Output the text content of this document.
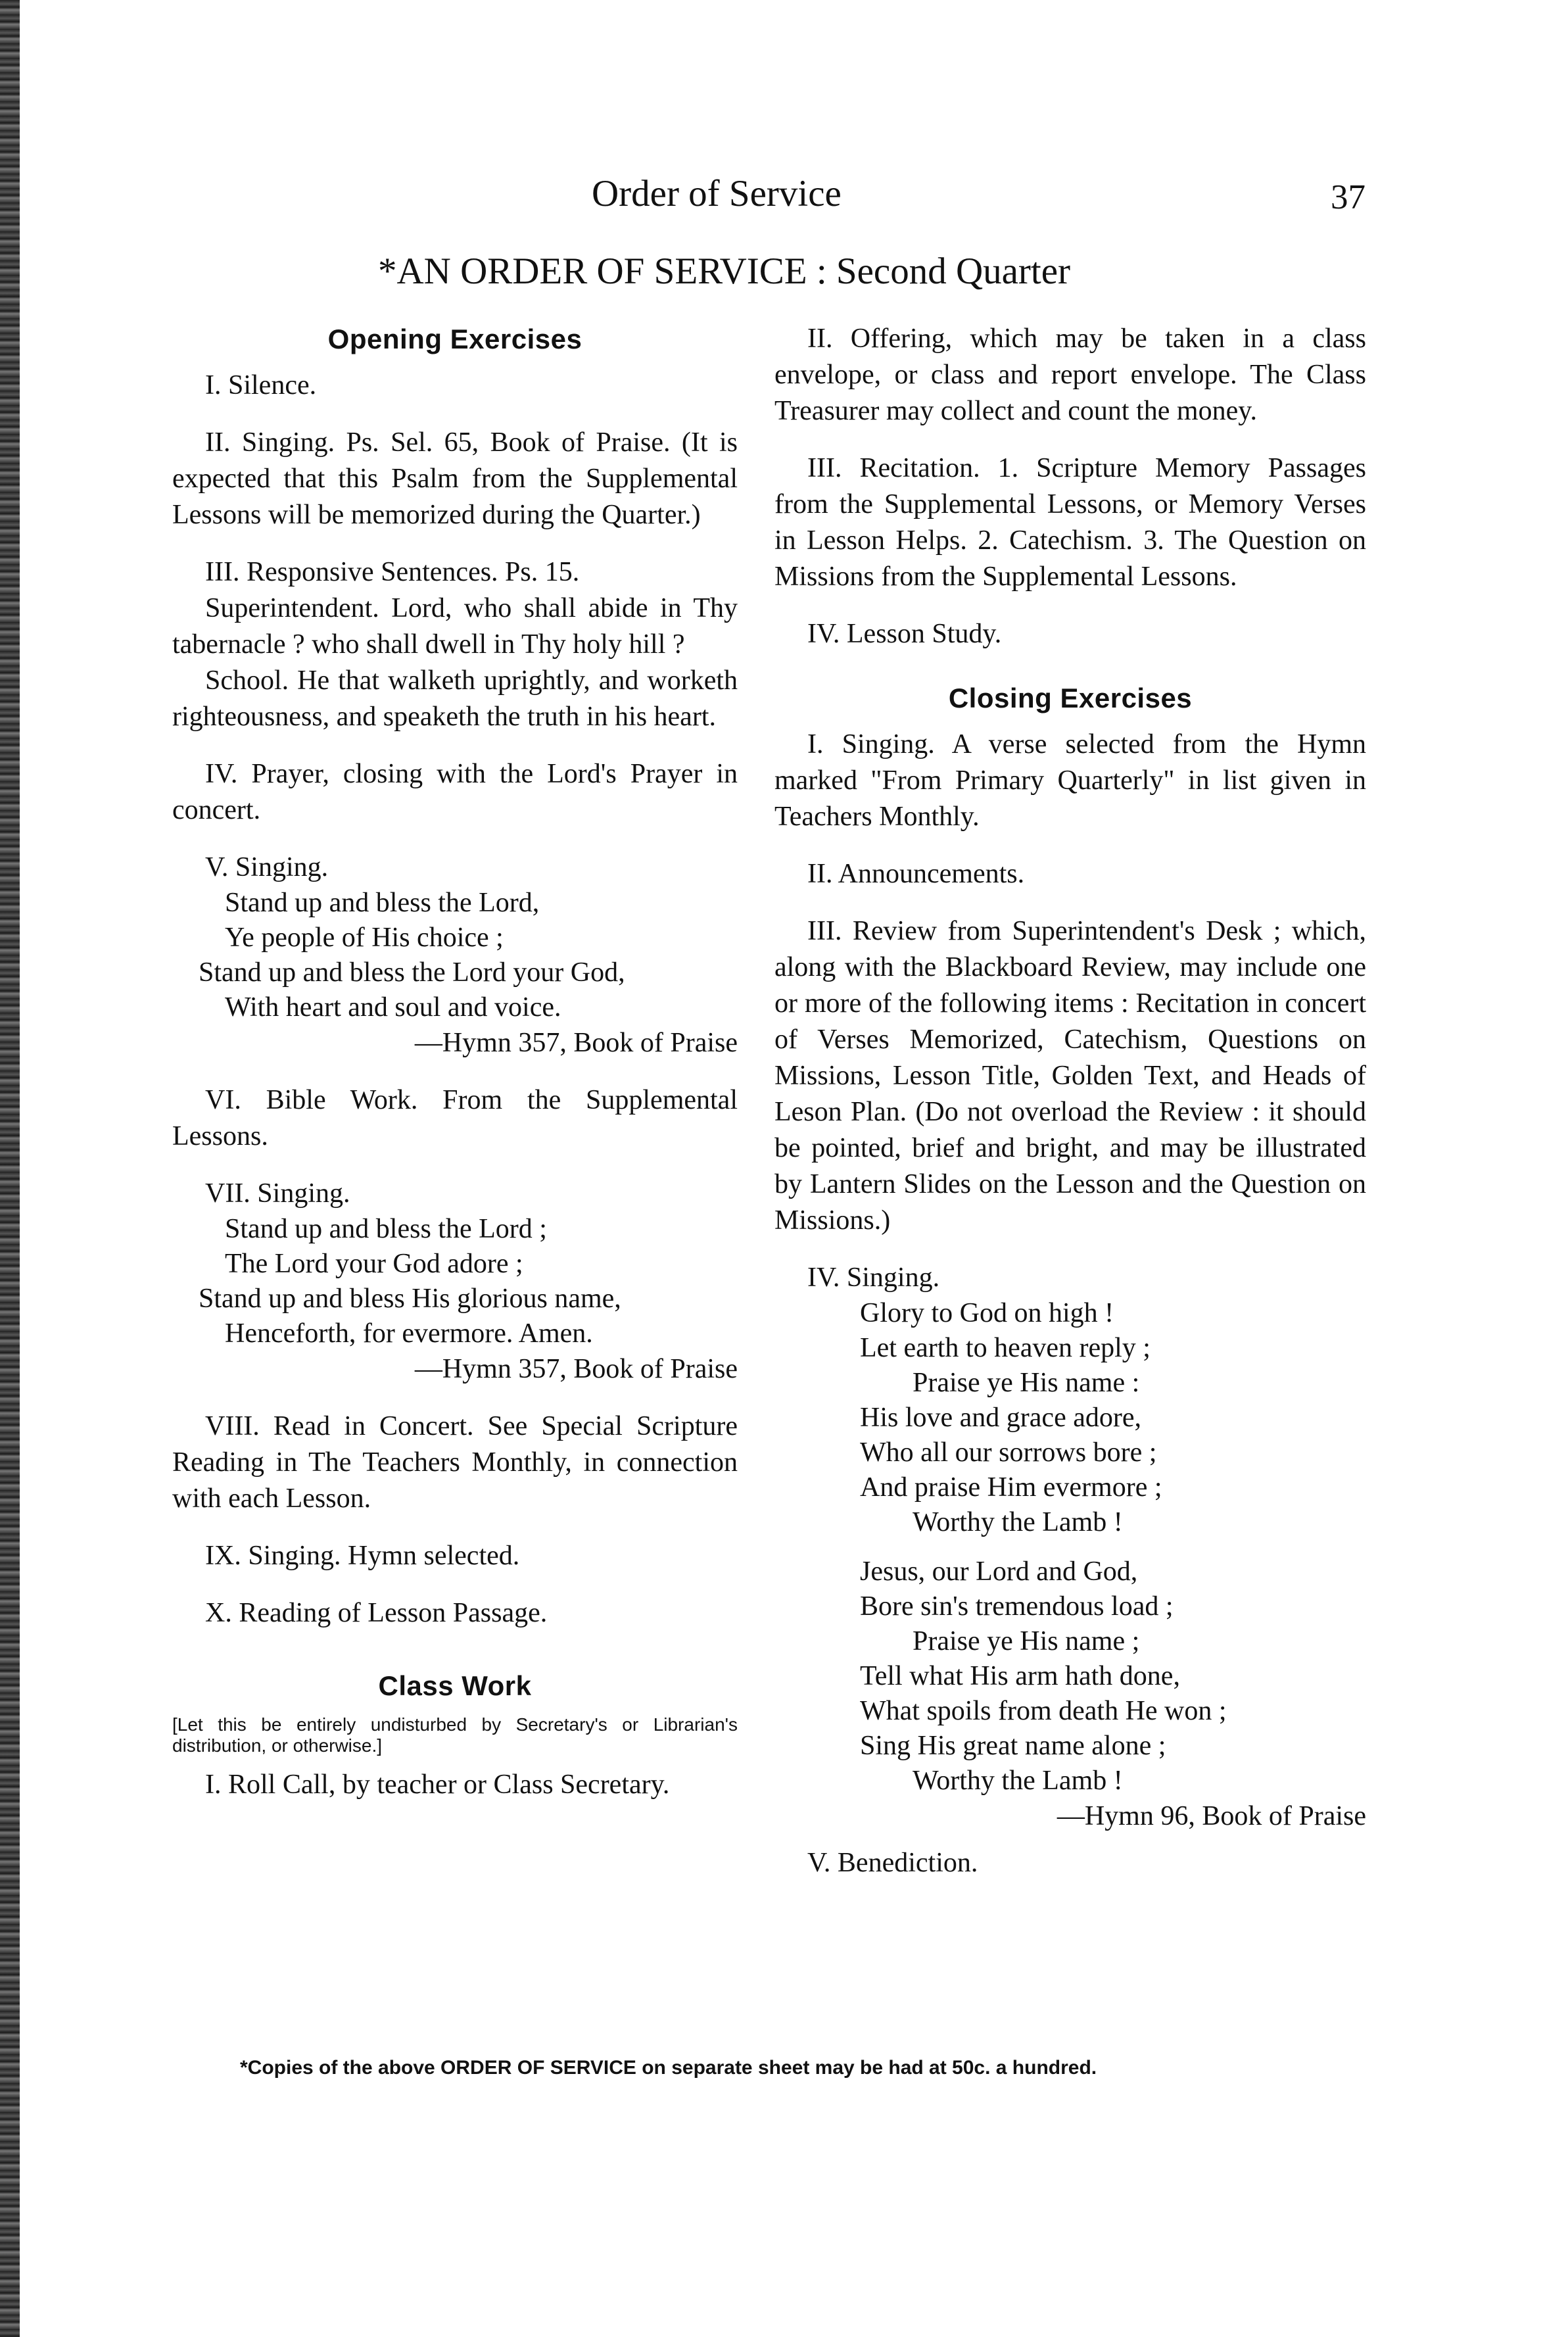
Order of Service	37
*AN ORDER OF SERVICE : Second Quarter
Opening Exercises

I. Silence.

II. Singing. Ps. Sel. 65, Book of Praise. (It is expected that this Psalm from the Supplemental Lessons will be memorized during the Quarter.)

III. Responsive Sentences. Ps. 15.

Superintendent. Lord, who shall abide in Thy tabernacle ? who shall dwell in Thy holy hill ?

School. He that walketh uprightly, and worketh righteousness, and speaketh the truth in his heart.

IV. Prayer, closing with the Lord's Prayer in concert.

V. Singing.

Stand up and bless the Lord,
Ye people of His choice ;
Stand up and bless the Lord your God,
With heart and soul and voice.

—Hymn 357, Book of Praise

VI. Bible Work. From the Supplemental Lessons.

VII. Singing.

Stand up and bless the Lord ;
The Lord your God adore ;
Stand up and bless His glorious name,
Henceforth, for evermore. Amen.

—Hymn 357, Book of Praise

VIII. Read in Concert. See Special Scripture Reading in The Teachers Monthly, in connection with each Lesson.

IX. Singing. Hymn selected.

X. Reading of Lesson Passage.

Class Work

[Let this be entirely undisturbed by Secretary's or Librarian's distribution, or otherwise.]

I. Roll Call, by teacher or Class Secretary.

II. Offering, which may be taken in a class envelope, or class and report envelope. The Class Treasurer may collect and count the money.

III. Recitation. 1. Scripture Memory Passages from the Supplemental Lessons, or Memory Verses in Lesson Helps. 2. Catechism. 3. The Question on Missions from the Supplemental Lessons.

IV. Lesson Study.

Closing Exercises

I. Singing. A verse selected from the Hymn marked "From Primary Quarterly" in list given in Teachers Monthly.

II. Announcements.

III. Review from Superintendent's Desk ; which, along with the Blackboard Review, may include one or more of the following items : Recitation in concert of Verses Memorized, Catechism, Questions on Missions, Lesson Title, Golden Text, and Heads of Leson Plan. (Do not overload the Review : it should be pointed, brief and bright, and may be illustrated by Lantern Slides on the Lesson and the Question on Missions.)

IV. Singing.

Glory to God on high !
Let earth to heaven reply ;
Praise ye His name :
His love and grace adore,
Who all our sorrows bore ;
And praise Him evermore ;
Worthy the Lamb !
Jesus, our Lord and God,
Bore sin's tremendous load ;
Praise ye His name ;
Tell what His arm hath done,
What spoils from death He won ;
Sing His great name alone ;
Worthy the Lamb !

—Hymn 96, Book of Praise

V. Benediction.

*Copies of the above ORDER OF SERVICE on separate sheet may be had at 50c. a hundred.
